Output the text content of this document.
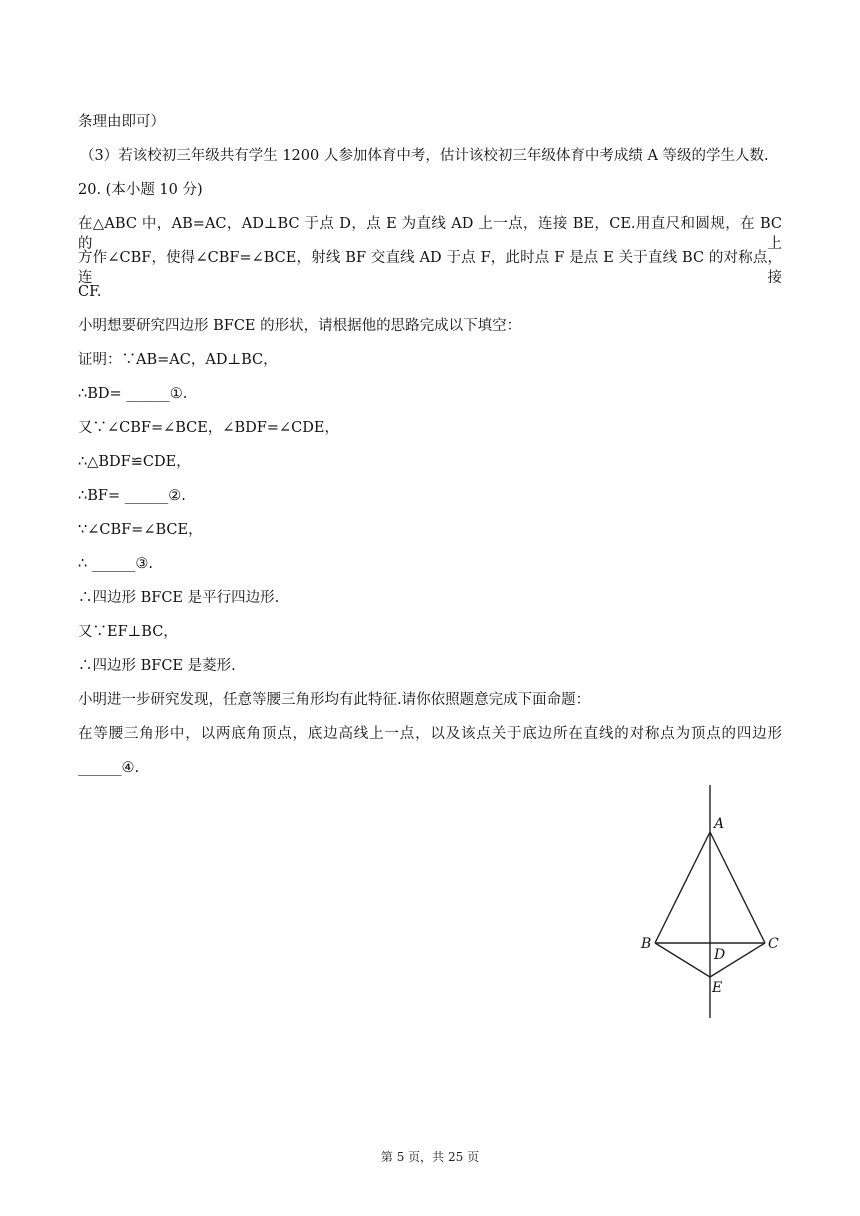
条理由即可）
（3）若该校初三年级共有学生 1200 人参加体育中考，估计该校初三年级体育中考成绩 A 等级的学生人数.
20. (本小题 10 分)
在△ABC 中，AB=AC，AD⊥BC 于点 D，点 E 为直线 AD 上一点，连接 BE，CE.用直尺和圆规，在 BC 的上
方作∠CBF，使得∠CBF=∠BCE，射线 BF 交直线 AD 于点 F，此时点 F 是点 E 关于直线 BC 的对称点，连接
CF.
小明想要研究四边形 BFCE 的形状，请根据他的思路完成以下填空：
证明：∵AB=AC，AD⊥BC，
∴BD= ______①.
又∵∠CBF=∠BCE，∠BDF=∠CDE，
∴△BDF≌CDE，
∴BF= ______②.
∵∠CBF=∠BCE，
∴ ______③.
∴四边形 BFCE 是平行四边形.
又∵EF⊥BC，
∴四边形 BFCE 是菱形.
小明进一步研究发现，任意等腰三角形均有此特征.请你依照题意完成下面命题：
在等腰三角形中，以两底角顶点，底边高线上一点，以及该点关于底边所在直线的对称点为顶点的四边形
______④.
A
B	C
D
E
第 5 页，共 25 页
